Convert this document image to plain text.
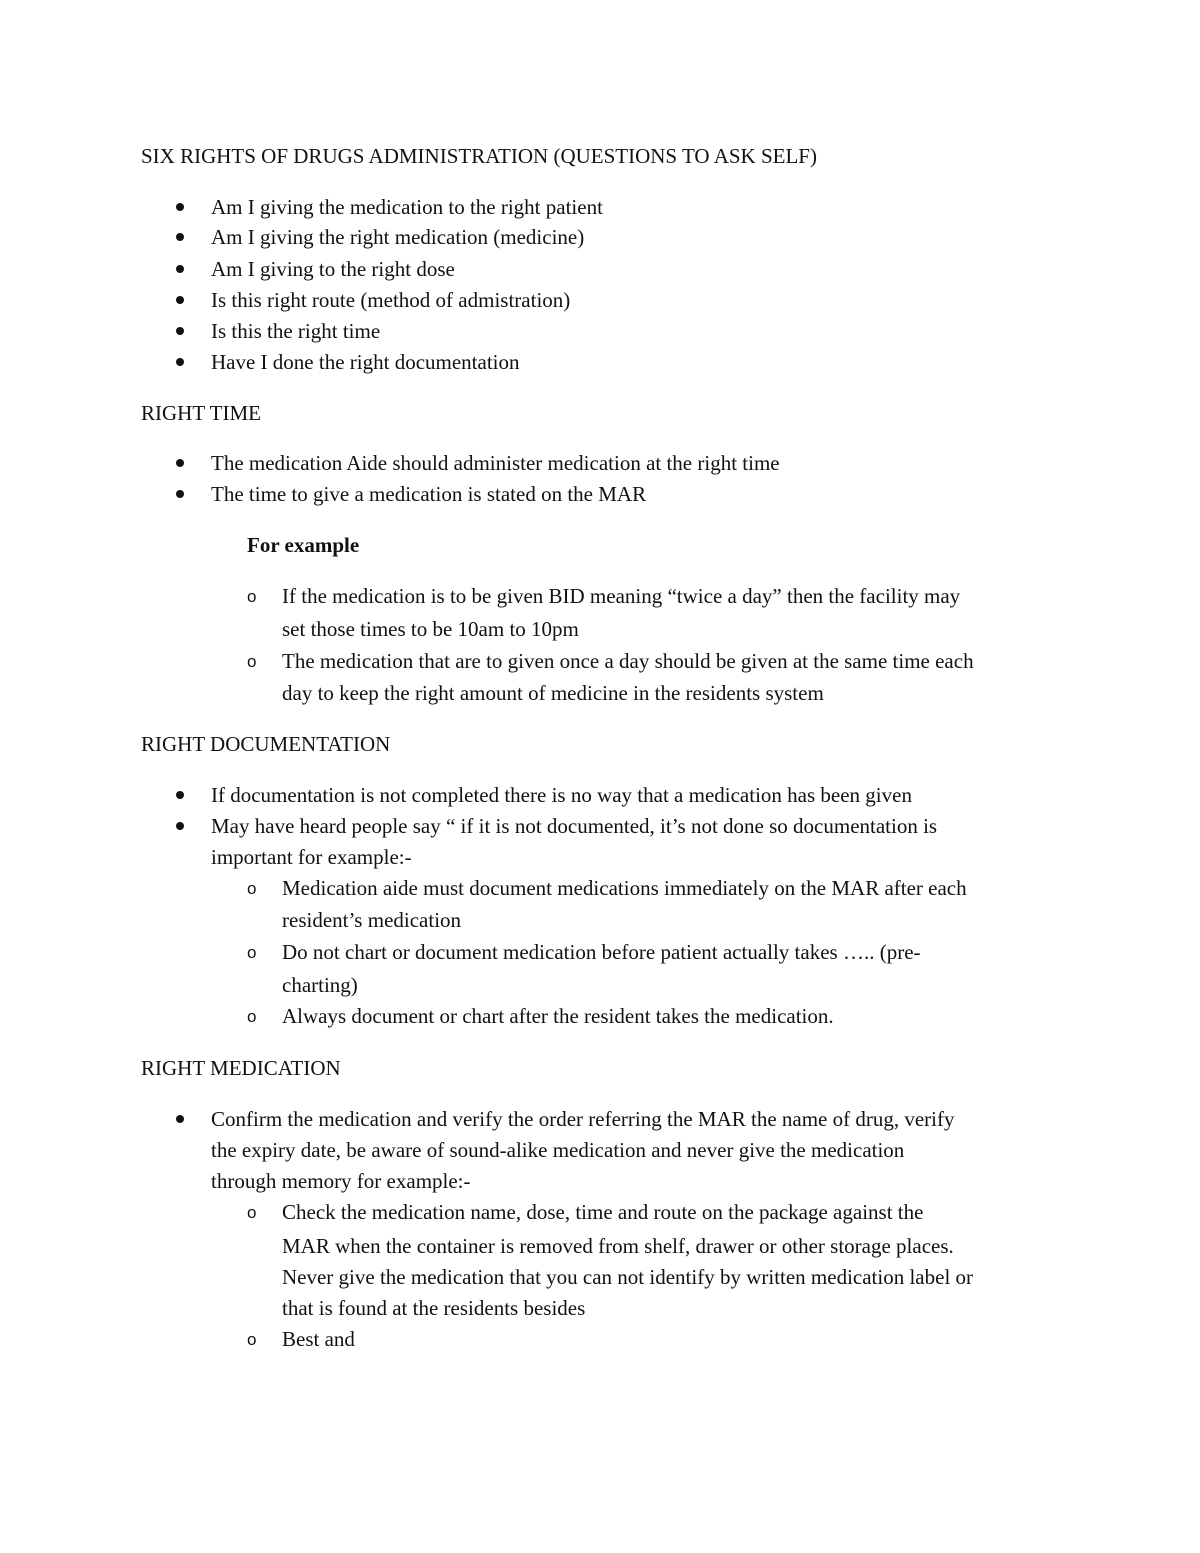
SIX RIGHTS OF DRUGS ADMINISTRATION (QUESTIONS TO ASK SELF)
Am I giving the medication to the right patient
Am I giving the right medication (medicine)
Am I giving to the right dose
Is this right route (method of admistration)
Is this the right time
Have I done the right documentation
RIGHT TIME
The medication Aide should administer medication at the right time
The time to give a medication is stated on the MAR
For example
o If the medication is to be given BID meaning “twice a day” then the facility may
set those times to be 10am to 10pm
o The medication that are to given once a day should be given at the same time each
day to keep the right amount of medicine in the residents system
RIGHT DOCUMENTATION
If documentation is not completed there is no way that a medication has been given
May have heard people say “ if it is not documented, it’s not done so documentation is
important for example:-
o Medication aide must document medications immediately on the MAR after each
resident’s medication
o Do not chart or document medication before patient actually takes ….. (pre-
charting)
o Always document or chart after the resident takes the medication.
RIGHT MEDICATION
Confirm the medication and verify the order referring the MAR the name of drug, verify
the expiry date, be aware of sound-alike medication and never give the medication
through memory for example:-
o Check the medication name, dose, time and route on the package against the
MAR when the container is removed from shelf, drawer or other storage places.
Never give the medication that you can not identify by written medication label or
that is found at the residents besides
o Best and
